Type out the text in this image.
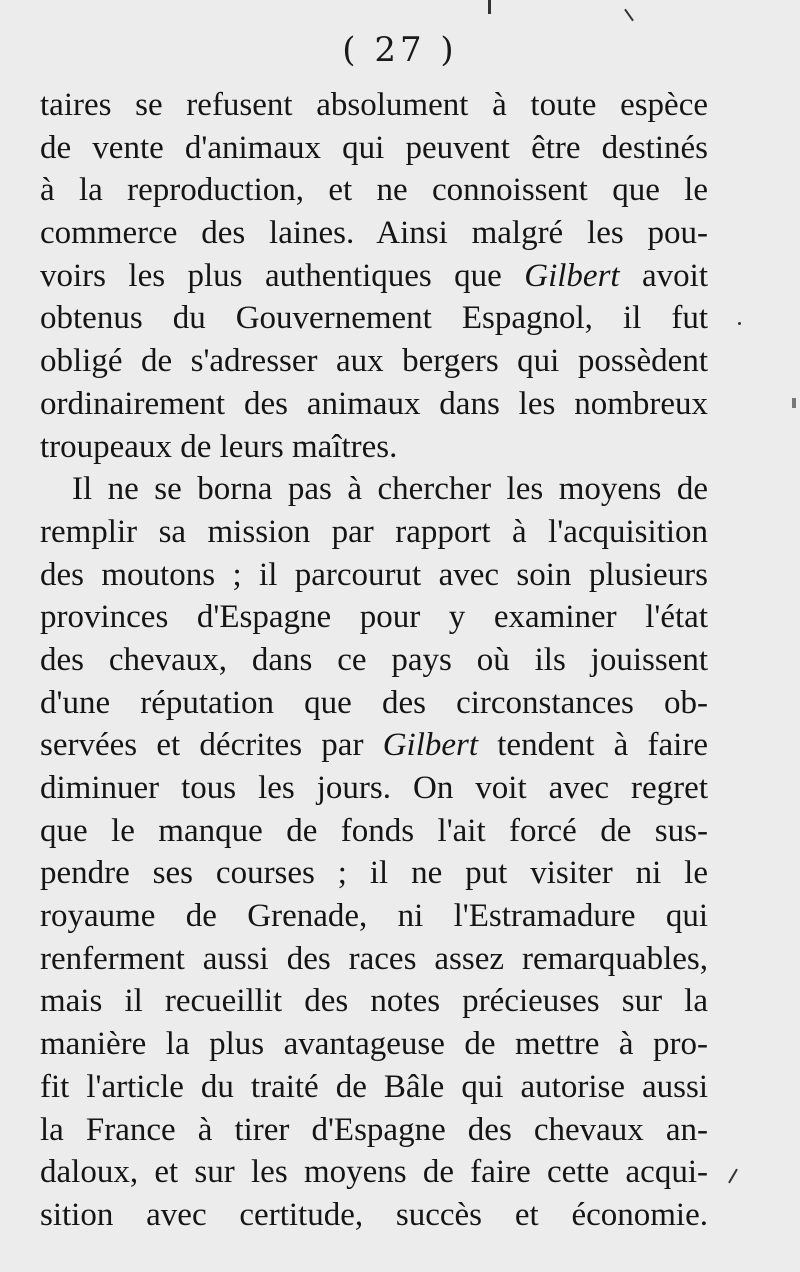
( 27 )
taires se refusent absolument à toute espèce
de vente d'animaux qui peuvent être destinés
à la reproduction, et ne connoissent que le
commerce des laines. Ainsi malgré les pou-
voirs les plus authentiques que Gilbert avoit
obtenus du Gouvernement Espagnol, il fut
obligé de s'adresser aux bergers qui possèdent
ordinairement des animaux dans les nombreux
troupeaux de leurs maîtres.
Il ne se borna pas à chercher les moyens de
remplir sa mission par rapport à l'acquisition
des moutons ; il parcourut avec soin plusieurs
provinces d'Espagne pour y examiner l'état
des chevaux, dans ce pays où ils jouissent
d'une réputation que des circonstances ob-
servées et décrites par Gilbert tendent à faire
diminuer tous les jours. On voit avec regret
que le manque de fonds l'ait forcé de sus-
pendre ses courses ; il ne put visiter ni le
royaume de Grenade, ni l'Estramadure qui
renferment aussi des races assez remarquables,
mais il recueillit des notes précieuses sur la
manière la plus avantageuse de mettre à pro-
fit l'article du traité de Bâle qui autorise aussi
la France à tirer d'Espagne des chevaux an-
daloux, et sur les moyens de faire cette acqui-
sition avec certitude, succès et économie.
